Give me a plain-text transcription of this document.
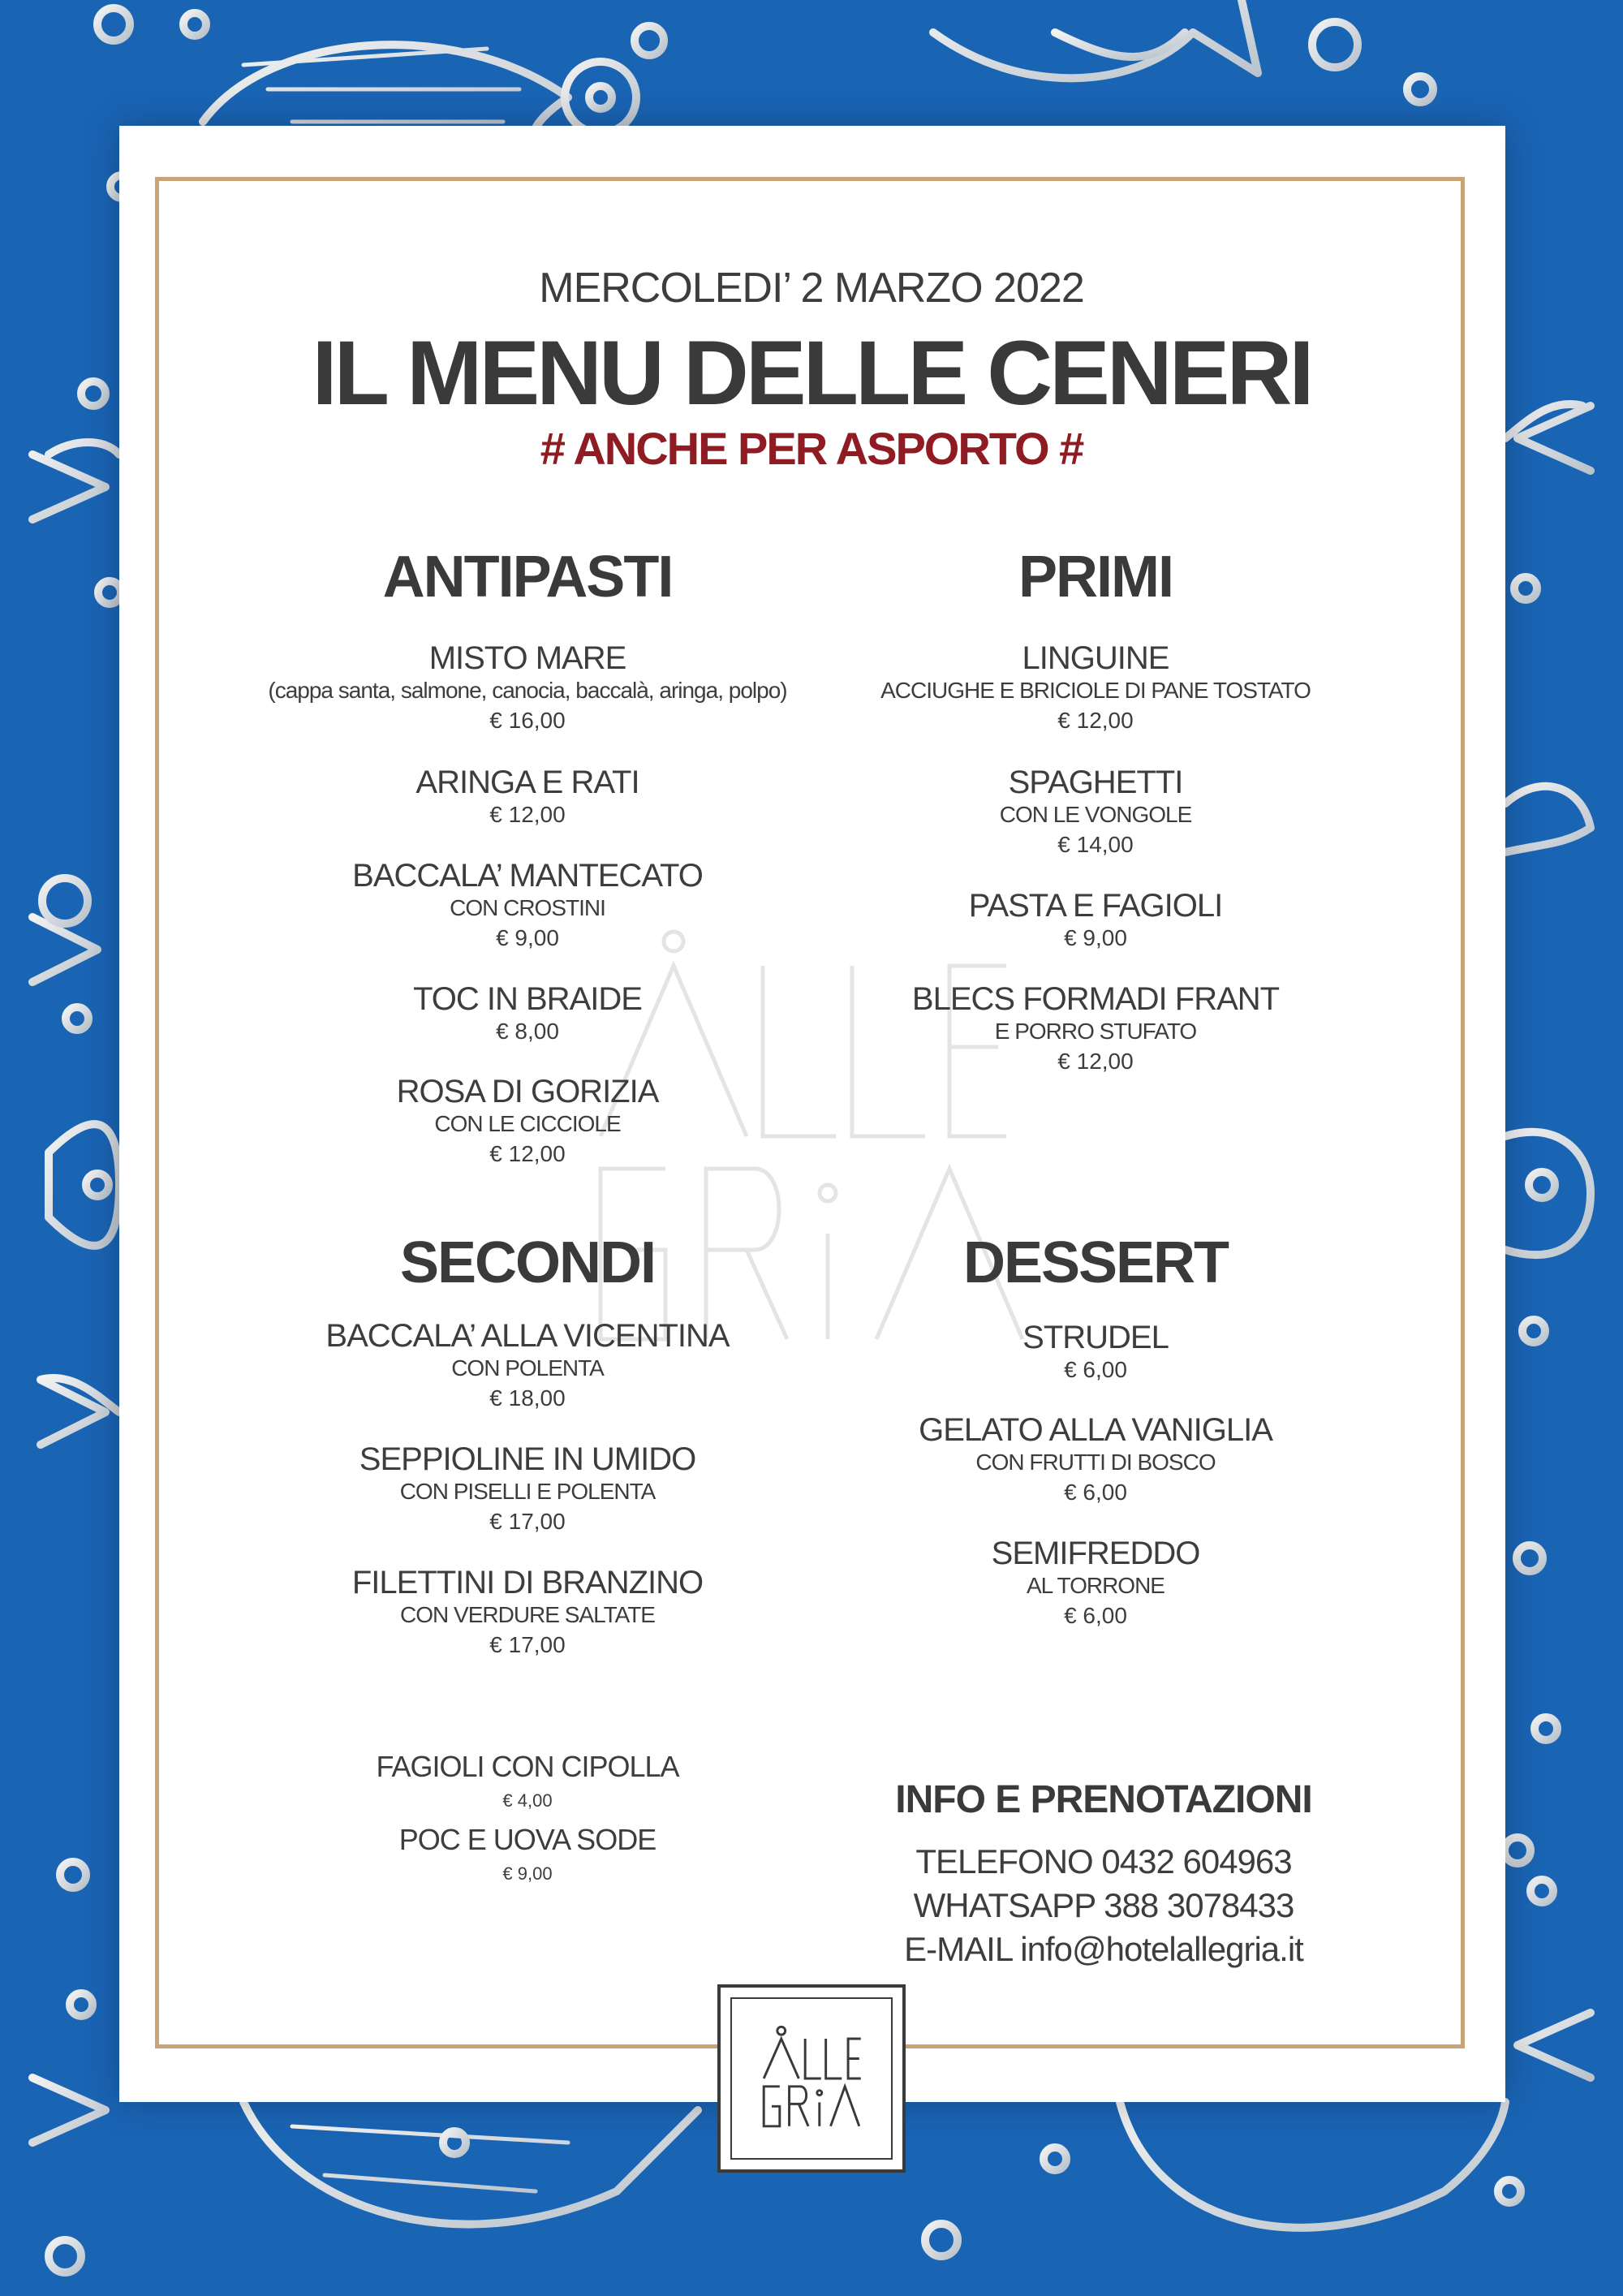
MERCOLEDI’ 2 MARZO 2022
IL MENU DELLE CENERI
# ANCHE PER ASPORTO #
ANTIPASTI
MISTO MARE
(cappa santa, salmone, canocia, baccalà, aringa, polpo)
€ 16,00
ARINGA E RATI
€ 12,00
BACCALA’ MANTECATO
CON CROSTINI
€ 9,00
TOC IN BRAIDE
€ 8,00
ROSA DI GORIZIA
CON LE CICCIOLE
€ 12,00
PRIMI
LINGUINE
ACCIUGHE E BRICIOLE DI PANE TOSTATO
€ 12,00
SPAGHETTI
CON LE VONGOLE
€ 14,00
PASTA E FAGIOLI
€ 9,00
BLECS FORMADI FRANT
E PORRO STUFATO
€ 12,00
SECONDI
BACCALA’ ALLA VICENTINA
CON POLENTA
€ 18,00
SEPPIOLINE IN UMIDO
CON PISELLI E POLENTA
€ 17,00
FILETTINI DI BRANZINO
CON VERDURE SALTATE
€ 17,00
FAGIOLI CON CIPOLLA
€ 4,00
POC E UOVA SODE
€ 9,00
DESSERT
STRUDEL
€ 6,00
GELATO ALLA VANIGLIA
CON FRUTTI DI BOSCO
€ 6,00
SEMIFREDDO
AL TORRONE
€ 6,00
INFO E PRENOTAZIONI
TELEFONO 0432 604963
WHATSAPP 388 3078433
E-MAIL info@hotelallegria.it
